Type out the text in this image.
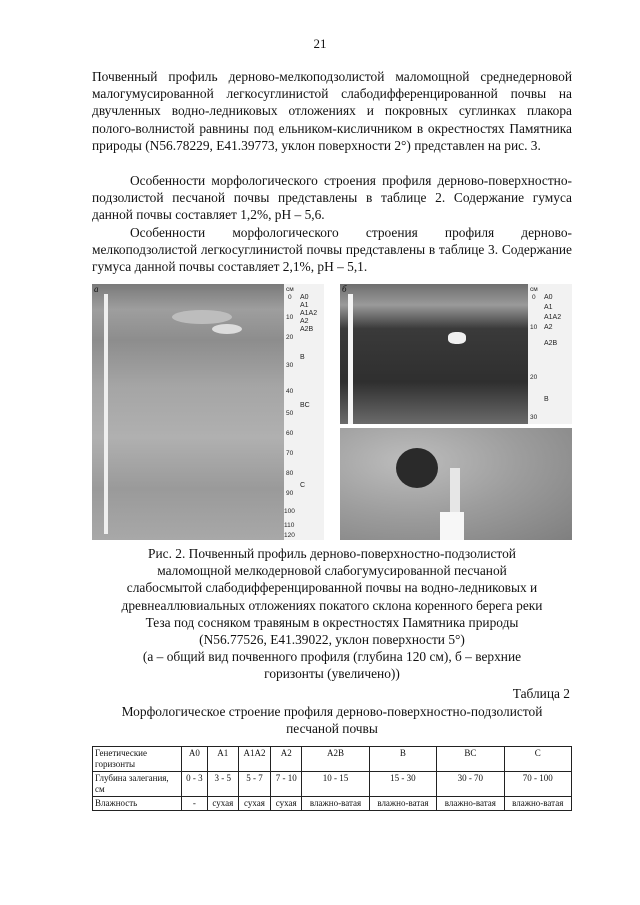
21
Почвенный профиль дерново-мелкоподзолистой маломощной среднедерновой малогумусированной легкосуглинистой слабодифференцированной почвы на двучленных водно-ледниковых отложениях и покровных суглинках плакора полого-волнистой равнины под ельником-кисличником в окрестностях Памятника природы (N56.78229, E41.39773, уклон поверхности 2°) представлен на рис. 3.
Особенности морфологического строения профиля дерново-поверхностно-подзолистой песчаной почвы представлены в таблице 2. Содержание гумуса данной почвы составляет 1,2%, pH – 5,6.
Особенности морфологического строения профиля дерново-мелкоподзолистой легкосуглинистой почвы представлены в таблице 3. Содержание гумуса данной почвы составляет 2,1%, pH – 5,1.
а	см
0
10
20
30
40
50
60
70
80
90
100
110
120
A0
A1
A1A2
A2
A2B
B
BC
C
б	см
0
10
20
30
A0
A1
A1A2
A2
A2B
B
Рис. 2. Почвенный профиль дерново-поверхностно-подзолистой
маломощной мелкодерновой слабогумусированной песчаной
слабосмытой слабодифференцированной почвы на водно-ледниковых и
древнеаллювиальных отложениях покатого склона коренного берега реки
Теза под сосняком травяным в окрестностях Памятника природы
(N56.77526, E41.39022, уклон поверхности 5°)
(а – общий вид почвенного профиля (глубина 120 см), б – верхние
горизонты (увеличено))
Таблица 2
Морфологическое строение профиля дерново-поверхностно-подзолистой
песчаной почвы
Генетические горизонты	A0	A1	A1A2	A2	A2B	B	BC	C
Глубина залегания, см	0 - 3	3 - 5	5 - 7	7 - 10	10 - 15	15 - 30	30 - 70	70 - 100
Влажность	-	сухая	сухая	сухая	влажно-ватая	влажно-ватая	влажно-ватая	влажно-ватая
